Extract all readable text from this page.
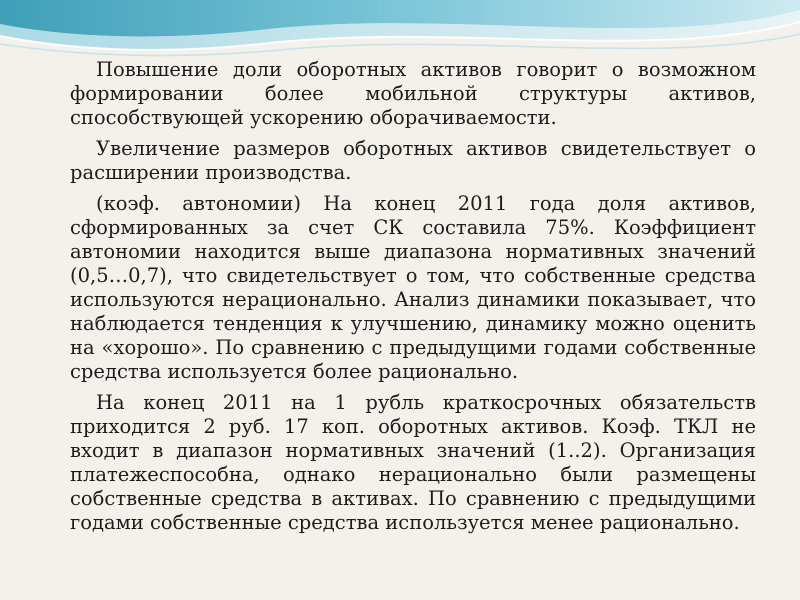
Повышение доли оборотных активов говорит о возможном формировании более мобильной структуры активов, способствующей ускорению оборачиваемости.

Увеличение размеров оборотных активов свидетельствует о расширении производства.

(коэф. автономии) На конец 2011 года доля активов, сформированных за счет СК составила 75%. Коэффициент автономии находится выше диапазона нормативных значений (0,5…0,7), что свидетельствует о том, что собственные средства используются нерационально. Анализ динамики показывает, что наблюдается тенденция к улучшению, динамику можно оценить на «хорошо». По сравнению с предыдущими годами собственные средства используется более рационально.

На конец 2011 на 1 рубль краткосрочных обязательств приходится 2 руб. 17 коп. оборотных активов. Коэф. ТКЛ не входит в диапазон нормативных значений (1..2). Организация платежеспособна, однако нерационально были размещены собственные средства в активах. По сравнению с предыдущими годами собственные средства используется менее рационально.
